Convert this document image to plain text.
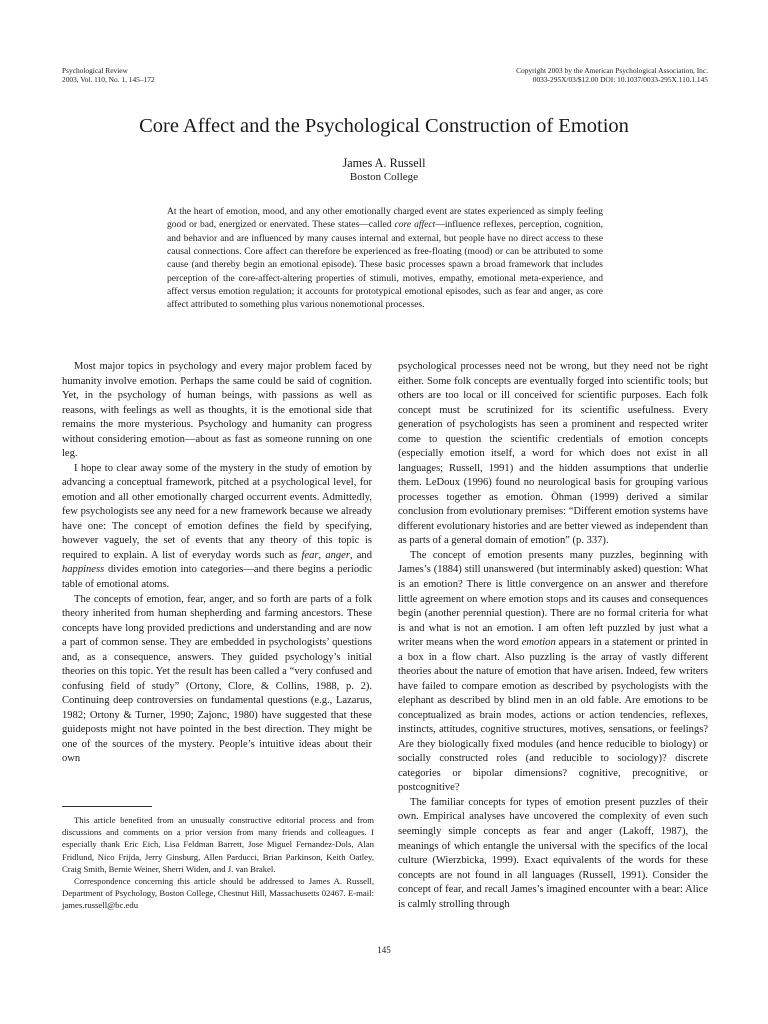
Psychological Review
2003, Vol. 110, No. 1, 145–172
Copyright 2003 by the American Psychological Association, Inc.
0033-295X/03/$12.00 DOI: 10.1037/0033-295X.110.1.145
Core Affect and the Psychological Construction of Emotion
James A. Russell
Boston College

At the heart of emotion, mood, and any other emotionally charged event are states experienced as simply feeling good or bad, energized or enervated. These states—called core affect—influence reflexes, perception, cognition, and behavior and are influenced by many causes internal and external, but people have no direct access to these causal connections. Core affect can therefore be experienced as free-floating (mood) or can be attributed to some cause (and thereby begin an emotional episode). These basic processes spawn a broad framework that includes perception of the core-affect-altering properties of stimuli, motives, empathy, emotional meta-experience, and affect versus emotion regulation; it accounts for prototypical emotional episodes, such as fear and anger, as core affect attributed to something plus various nonemotional processes.

Most major topics in psychology and every major problem faced by humanity involve emotion. Perhaps the same could be said of cognition. Yet, in the psychology of human beings, with passions as well as reasons, with feelings as well as thoughts, it is the emotional side that remains the more mysterious. Psychology and humanity can progress without considering emotion—about as fast as someone running on one leg.

I hope to clear away some of the mystery in the study of emotion by advancing a conceptual framework, pitched at a psychological level, for emotion and all other emotionally charged occurrent events. Admittedly, few psychologists see any need for a new framework because we already have one: The concept of emotion defines the field by specifying, however vaguely, the set of events that any theory of this topic is required to explain. A list of everyday words such as fear, anger, and happiness divides emotion into categories—and there begins a periodic table of emotional atoms.

The concepts of emotion, fear, anger, and so forth are parts of a folk theory inherited from human shepherding and farming ancestors. These concepts have long provided predictions and understanding and are now a part of common sense. They are embedded in psychologists’ questions and, as a consequence, answers. They guided psychology’s initial theories on this topic. Yet the result has been called a “very confused and confusing field of study” (Ortony, Clore, & Collins, 1988, p. 2). Continuing deep controversies on fundamental questions (e.g., Lazarus, 1982; Ortony & Turner, 1990; Zajonc, 1980) have suggested that these guideposts might not have pointed in the best direction. They might be one of the sources of the mystery. People’s intuitive ideas about their own

psychological processes need not be wrong, but they need not be right either. Some folk concepts are eventually forged into scientific tools; but others are too local or ill conceived for scientific purposes. Each folk concept must be scrutinized for its scientific usefulness. Every generation of psychologists has seen a prominent and respected writer come to question the scientific credentials of emotion concepts (especially emotion itself, a word for which does not exist in all languages; Russell, 1991) and the hidden assumptions that underlie them. LeDoux (1996) found no neurological basis for grouping various processes together as emotion. Öhman (1999) derived a similar conclusion from evolutionary premises: “Different emotion systems have different evolutionary histories and are better viewed as independent than as parts of a general domain of emotion” (p. 337).

The concept of emotion presents many puzzles, beginning with James’s (1884) still unanswered (but interminably asked) question: What is an emotion? There is little convergence on an answer and therefore little agreement on where emotion stops and its causes and consequences begin (another perennial question). There are no formal criteria for what is and what is not an emotion. I am often left puzzled by just what a writer means when the word emotion appears in a statement or printed in a box in a flow chart. Also puzzling is the array of vastly different theories about the nature of emotion that have arisen. Indeed, few writers have failed to compare emotion as described by psychologists with the elephant as described by blind men in an old fable. Are emotions to be conceptualized as brain modes, actions or action tendencies, reflexes, instincts, attitudes, cognitive structures, motives, sensations, or feelings? Are they biologically fixed modules (and hence reducible to biology) or socially constructed roles (and reducible to sociology)? discrete categories or bipolar dimensions? cognitive, precognitive, or postcognitive?

The familiar concepts for types of emotion present puzzles of their own. Empirical analyses have uncovered the complexity of even such seemingly simple concepts as fear and anger (Lakoff, 1987), the meanings of which entangle the universal with the specifics of the local culture (Wierzbicka, 1999). Exact equivalents of the words for these concepts are not found in all languages (Russell, 1991). Consider the concept of fear, and recall James’s imagined encounter with a bear: Alice is calmly strolling through

This article benefited from an unusually constructive editorial process and from discussions and comments on a prior version from many friends and colleagues. I especially thank Eric Eich, Lisa Feldman Barrett, Jose Miguel Fernandez-Dols, Alan Fridlund, Nico Frijda, Jerry Ginsburg, Allen Parducci, Brian Parkinson, Keith Oatley, Craig Smith, Bernie Weiner, Sherri Widen, and J. van Brakel.

Correspondence concerning this article should be addressed to James A. Russell, Department of Psychology, Boston College, Chestnut Hill, Massachusetts 02467. E-mail: james.russell@bc.edu

145
